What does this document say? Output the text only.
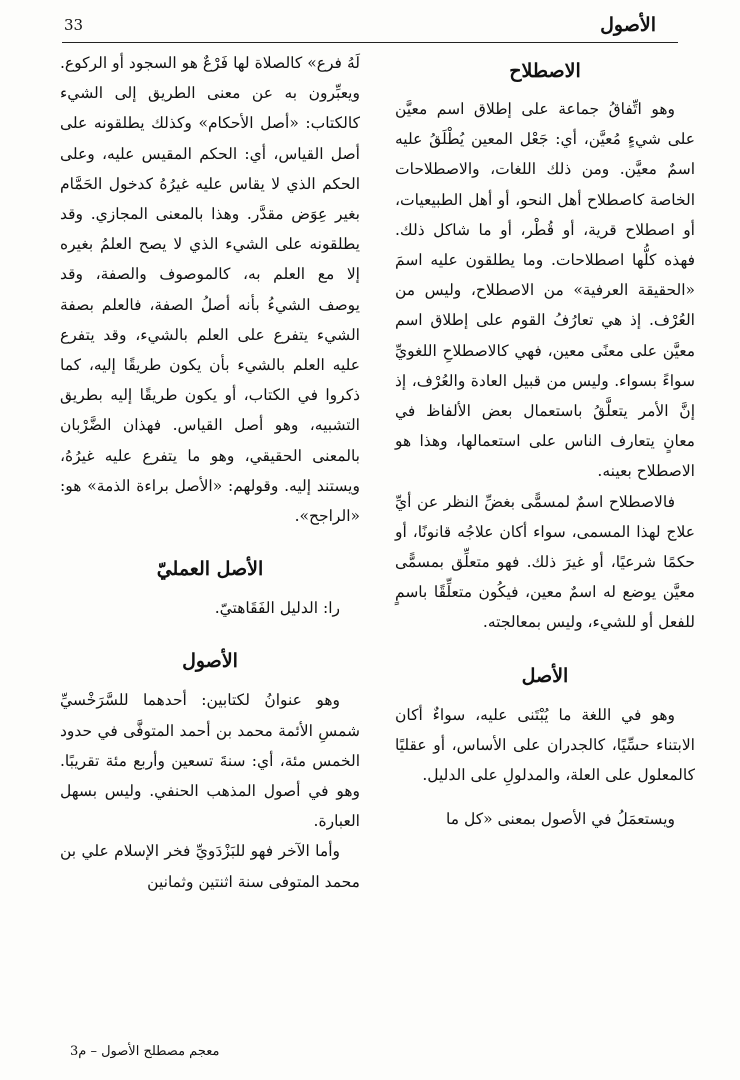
الأصول
33
الاصطلاح

وهو اتِّفاقُ جماعة على إطلاق اسم معيَّن على شيءٍ مُعيَّن، أي: جَعْل المعين يُطْلَقُ عليه اسمٌ معيَّن. ومن ذلك اللغات، والاصطلاحات الخاصة كاصطلاح أهل النحو، أو أهل الطبيعيات، أو اصطلاح قرية، أو قُطْر، أو ما شاكل ذلك. فهذه كلُّها اصطلاحات. وما يطلقون عليه اسمَ «الحقيقة العرفية» من الاصطلاح، وليس من العُرْف. إذ هي تعارُفُ القوم على إطلاق اسم معيَّن على معنًى معين، فهي كالاصطلاحِ اللغويِّ سواءً بسواء. وليس من قبيل العادة والعُرْف، إذ إنَّ الأمر يتعلَّقُ باستعمال بعض الألفاظ في معانٍ يتعارف الناس على استعمالها، وهذا هو الاصطلاح بعينه.

فالاصطلاح اسمٌ لمسمًّى بغضِّ النظر عن أيِّ علاج لهذا المسمى، سواء أكان علاجُه قانونًا، أو حكمًا شرعيًا، أو غيرَ ذلك. فهو متعلِّق بمسمًّى معيَّن يوضع له اسمٌ معين، فيكُون متعلِّقًا باسمٍ للفعل أو للشيء، وليس بمعالجته.

الأصل

وهو في اللغة ما يُبْتَنى عليه، سواءٌ أكان الابتناء حسِّيًا، كالجدران على الأساس، أو عقليًا كالمعلول على العلة، والمدلولِ على الدليل.

ويستعمَلُ في الأصول بمعنى «كل ما

لَهُ فرع» كالصلاة لها فَرْعٌ هو السجود أو الركوع. ويعبِّرون به عن معنى الطريق إلى الشيء كالكتاب: «أصل الأحكام» وكذلك يطلقونه على أصل القياس، أي: الحكم المقيس عليه، وعلى الحكم الذي لا يقاس عليه غيرُهُ كدخول الحَمَّام بغير عِوَض مقدَّر. وهذا بالمعنى المجازي. وقد يطلقونه على الشيء الذي لا يصح العلمُ بغيره إلا مع العلم به، كالموصوف والصفة، وقد يوصف الشيءُ بأنه أصلُ الصفة، فالعلم بصفة الشيء يتفرع على العلم بالشيء، وقد يتفرع عليه العلم بالشيء بأن يكون طريقًا إليه، كما ذكروا في الكتاب، أو يكون طريقًا إليه بطريق التشبيه، وهو أصل القياس. فهذان الضَّرْبان بالمعنى الحقيقي، وهو ما يتفرع عليه غيرُهُ، ويستند إليه. وقولهم: «الأصل براءة الذمة» هو: «الراجح».

الأصل العمليّ

را: الدليل الفَقَاهتيّ.

الأصول

وهو عنوانُ لكتابين: أحدهما للسَّرَخْسيِّ شمسِ الأئمة محمد بن أحمد المتوفَّى في حدود الخمس مئة، أي: سنةَ تسعين وأربع مئة تقريبًا. وهو في أصول المذهب الحنفي. وليس بسهل العبارة.

وأما الآخر فهو للبَزْدَويِّ فخر الإسلام علي بن محمد المتوفى سنة اثنتين وثمانين

معجم مصطلح الأصول – م3
